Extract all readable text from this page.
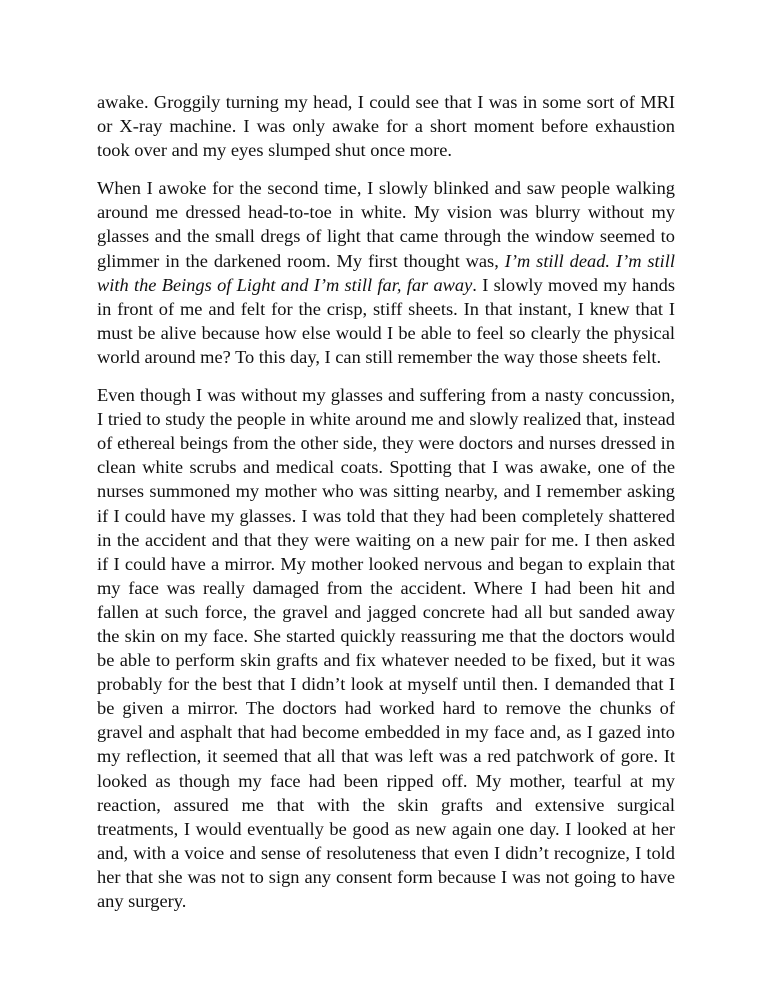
awake. Groggily turning my head, I could see that I was in some sort of MRI or X-ray machine. I was only awake for a short moment before exhaustion took over and my eyes slumped shut once more.

When I awoke for the second time, I slowly blinked and saw people walking around me dressed head-to-toe in white. My vision was blurry without my glasses and the small dregs of light that came through the window seemed to glimmer in the darkened room. My first thought was, I’m still dead. I’m still with the Beings of Light and I’m still far, far away. I slowly moved my hands in front of me and felt for the crisp, stiff sheets. In that instant, I knew that I must be alive because how else would I be able to feel so clearly the physical world around me? To this day, I can still remember the way those sheets felt.

Even though I was without my glasses and suffering from a nasty concussion, I tried to study the people in white around me and slowly realized that, instead of ethereal beings from the other side, they were doctors and nurses dressed in clean white scrubs and medical coats. Spotting that I was awake, one of the nurses summoned my mother who was sitting nearby, and I remember asking if I could have my glasses. I was told that they had been completely shattered in the accident and that they were waiting on a new pair for me. I then asked if I could have a mirror. My mother looked nervous and began to explain that my face was really damaged from the accident. Where I had been hit and fallen at such force, the gravel and jagged concrete had all but sanded away the skin on my face. She started quickly reassuring me that the doctors would be able to perform skin grafts and fix whatever needed to be fixed, but it was probably for the best that I didn’t look at myself until then. I demanded that I be given a mirror. The doctors had worked hard to remove the chunks of gravel and asphalt that had become embedded in my face and, as I gazed into my reflection, it seemed that all that was left was a red patchwork of gore. It looked as though my face had been ripped off. My mother, tearful at my reaction, assured me that with the skin grafts and extensive surgical treatments, I would eventually be good as new again one day. I looked at her and, with a voice and sense of resoluteness that even I didn’t recognize, I told her that she was not to sign any consent form because I was not going to have any surgery.
